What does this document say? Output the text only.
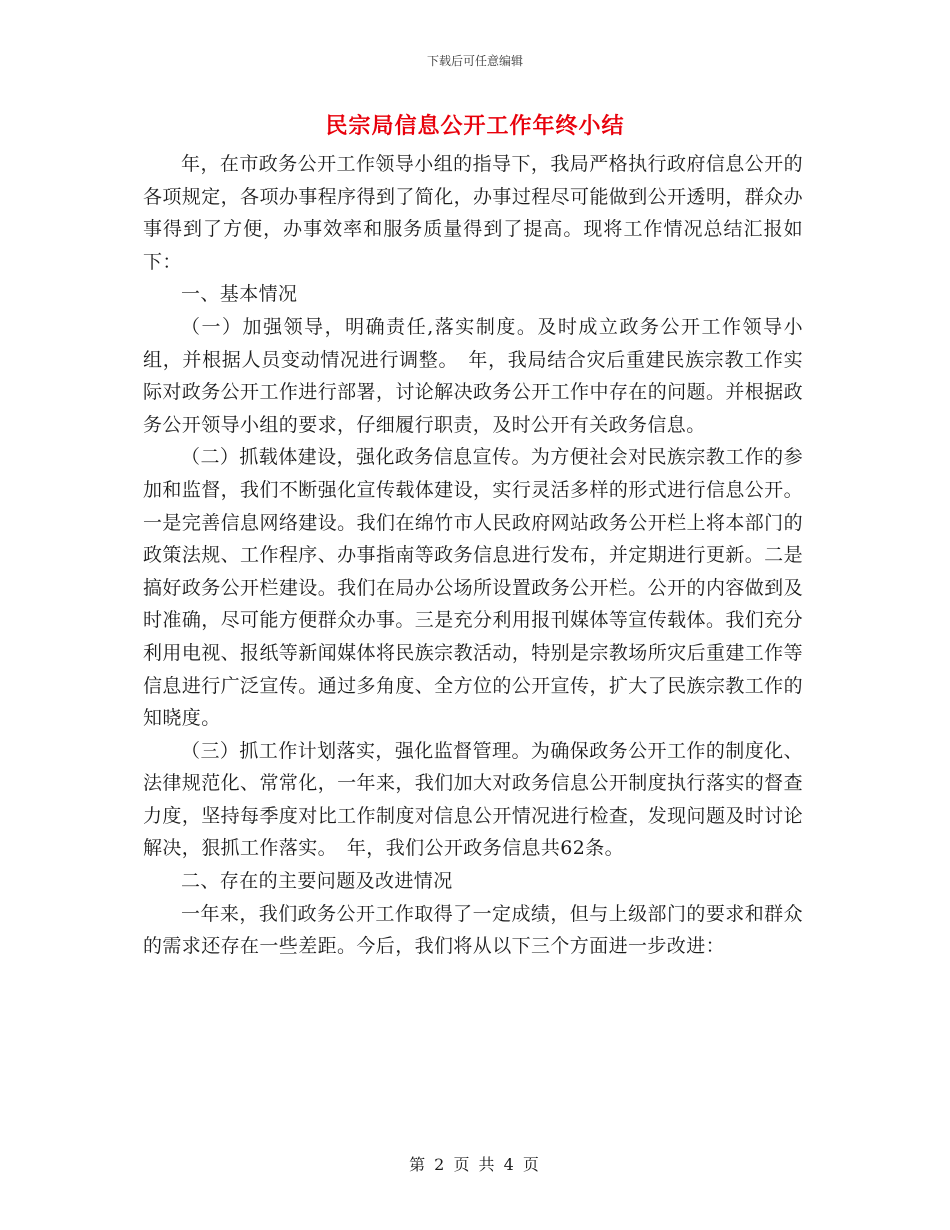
下载后可任意编辑
民宗局信息公开工作年终小结

年，在市政务公开工作领导小组的指导下，我局严格执行政府信息公开的各项规定，各项办事程序得到了简化，办事过程尽可能做到公开透明，群众办事得到了方便，办事效率和服务质量得到了提高。现将工作情况总结汇报如下：

一、基本情况

（一）加强领导，明确责任,落实制度。及时成立政务公开工作领导小组，并根据人员变动情况进行调整。　年，我局结合灾后重建民族宗教工作实际对政务公开工作进行部署，讨论解决政务公开工作中存在的问题。并根据政务公开领导小组的要求，仔细履行职责，及时公开有关政务信息。

（二）抓载体建设，强化政务信息宣传。为方便社会对民族宗教工作的参加和监督，我们不断强化宣传载体建设，实行灵活多样的形式进行信息公开。一是完善信息网络建设。我们在绵竹市人民政府网站政务公开栏上将本部门的政策法规、工作程序、办事指南等政务信息进行发布，并定期进行更新。二是搞好政务公开栏建设。我们在局办公场所设置政务公开栏。公开的内容做到及时准确，尽可能方便群众办事。三是充分利用报刊媒体等宣传载体。我们充分利用电视、报纸等新闻媒体将民族宗教活动，特别是宗教场所灾后重建工作等信息进行广泛宣传。通过多角度、全方位的公开宣传，扩大了民族宗教工作的知晓度。

（三）抓工作计划落实，强化监督管理。为确保政务公开工作的制度化、法律规范化、常常化，一年来，我们加大对政务信息公开制度执行落实的督查力度，坚持每季度对比工作制度对信息公开情况进行检查，发现问题及时讨论解决，狠抓工作落实。　年，我们公开政务信息共62条。

二、存在的主要问题及改进情况

一年来，我们政务公开工作取得了一定成绩，但与上级部门的要求和群众的需求还存在一些差距。今后，我们将从以下三个方面进一步改进：

第 2 页 共 4 页
